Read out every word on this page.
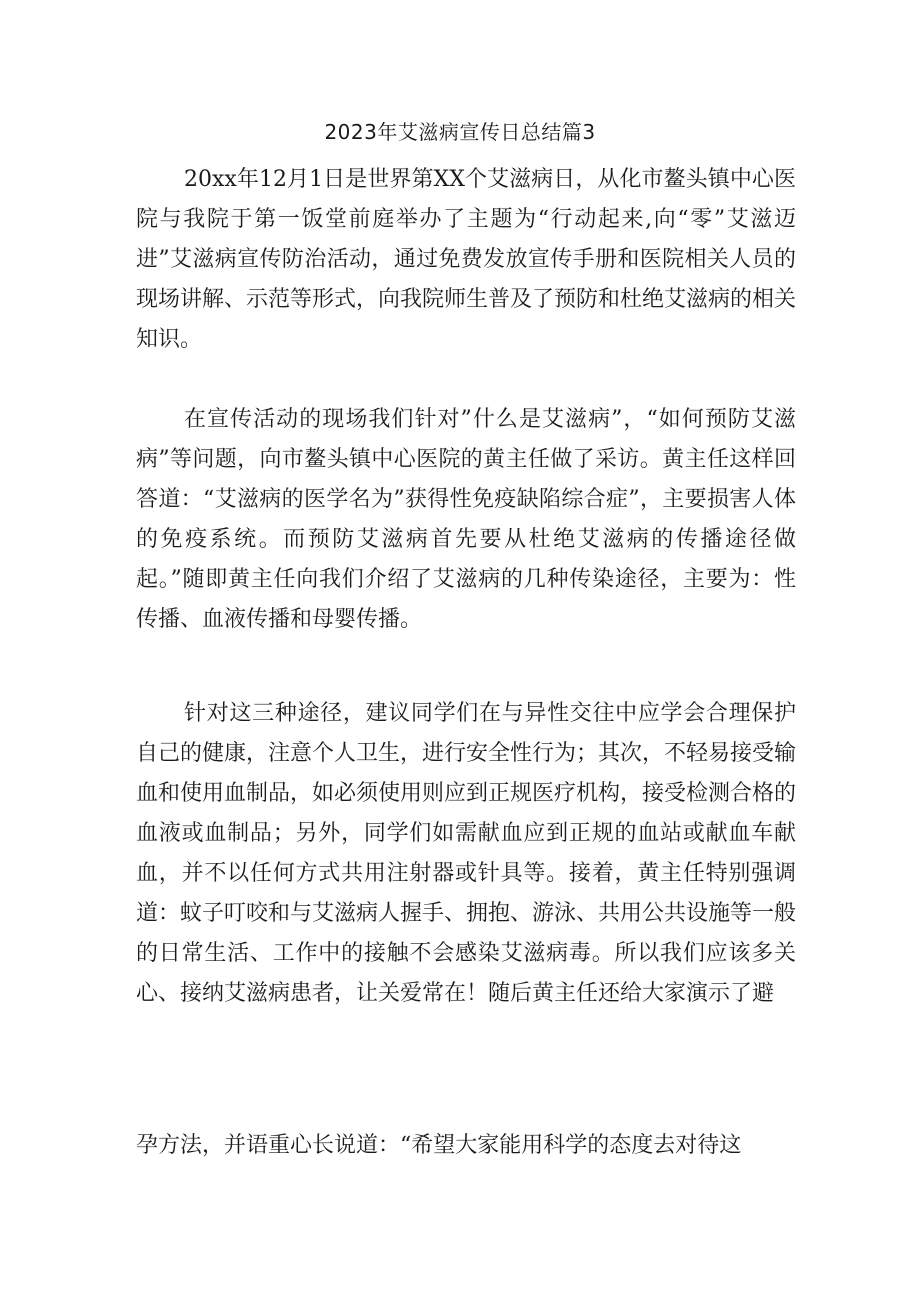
2023年艾滋病宣传日总结篇3

20xx年12月1日是世界第XX个艾滋病日，从化市鳌头镇中心医院与我院于第一饭堂前庭举办了主题为“行动起来,向“零”艾滋迈进”艾滋病宣传防治活动，通过免费发放宣传手册和医院相关人员的现场讲解、示范等形式，向我院师生普及了预防和杜绝艾滋病的相关知识。

在宣传活动的现场我们针对”什么是艾滋病”，“如何预防艾滋病”等问题，向市鳌头镇中心医院的黄主任做了采访。黄主任这样回答道：“艾滋病的医学名为”获得性免疫缺陷综合症”，主要损害人体的免疫系统。而预防艾滋病首先要从杜绝艾滋病的传播途径做起。”随即黄主任向我们介绍了艾滋病的几种传染途径，主要为：性传播、血液传播和母婴传播。

针对这三种途径，建议同学们在与异性交往中应学会合理保护自己的健康，注意个人卫生，进行安全性行为；其次，不轻易接受输血和使用血制品，如必须使用则应到正规医疗机构，接受检测合格的血液或血制品；另外，同学们如需献血应到正规的血站或献血车献血，并不以任何方式共用注射器或针具等。接着，黄主任特别强调道：蚊子叮咬和与艾滋病人握手、拥抱、游泳、共用公共设施等一般的日常生活、工作中的接触不会感染艾滋病毒。所以我们应该多关心、接纳艾滋病患者，让关爱常在！随后黄主任还给大家演示了避

孕方法，并语重心长说道：“希望大家能用科学的态度去对待这
